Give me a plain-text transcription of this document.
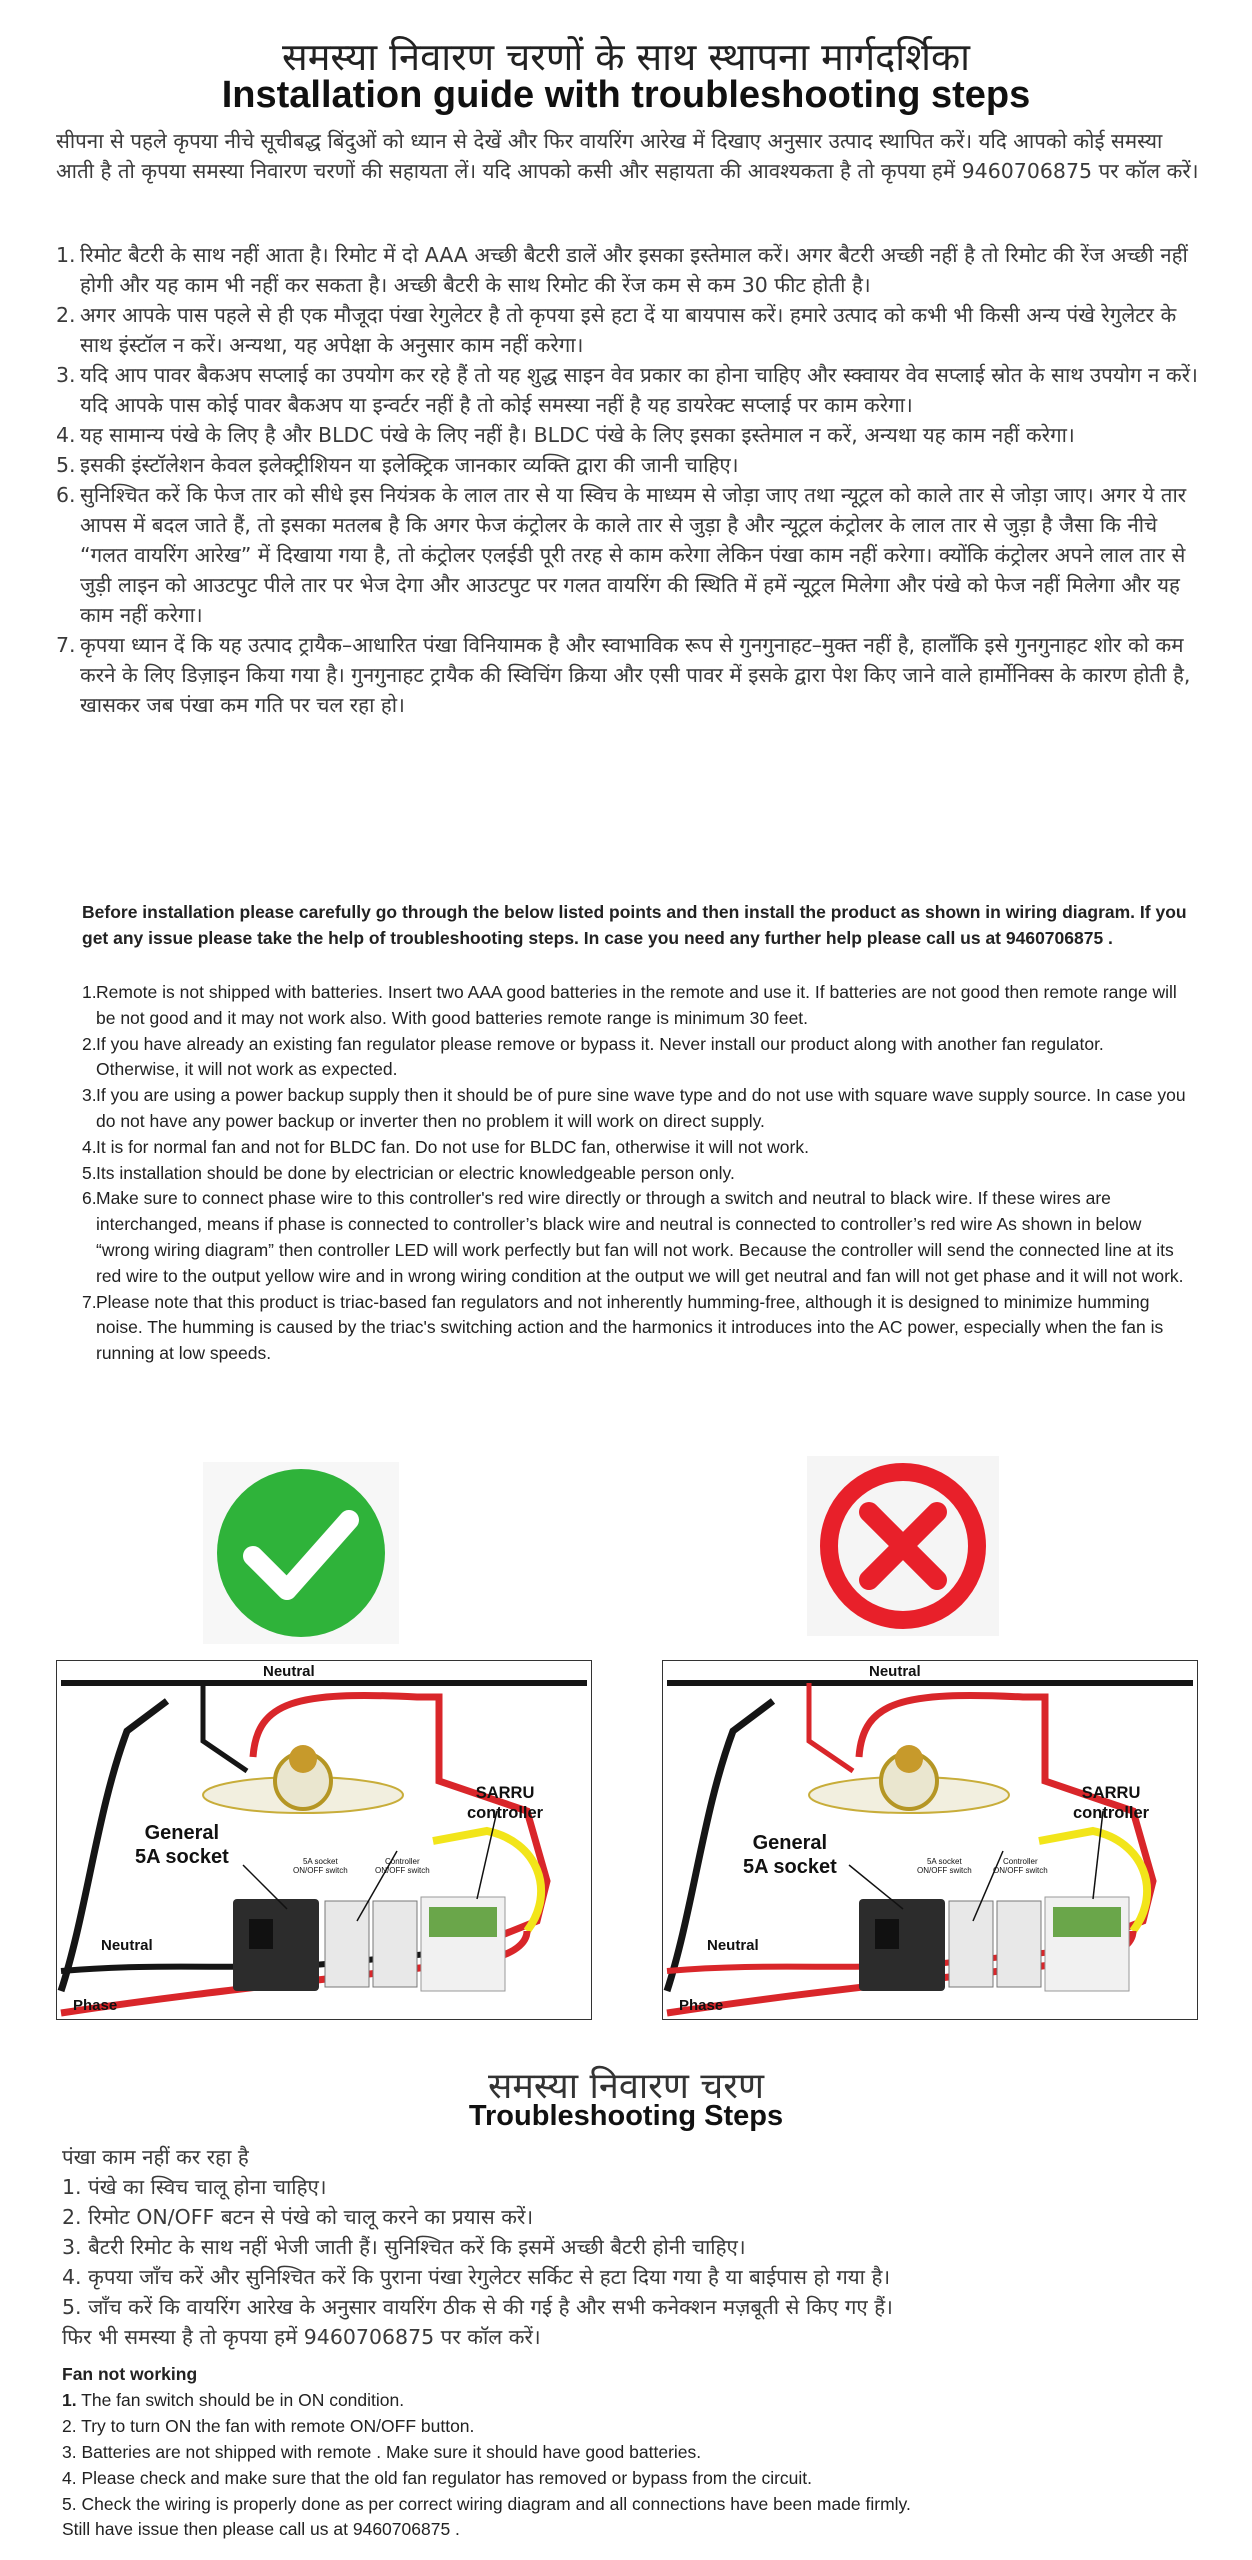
समस्या निवारण चरणों के साथ स्थापना मार्गदर्शिका
Installation guide with troubleshooting steps
सीपना से पहले कृपया नीचे सूचीबद्ध बिंदुओं को ध्यान से देखें और फिर वायरिंग आरेख में दिखाए अनुसार उत्पाद स्थापित करें। यदि आपको कोई समस्या आती है तो कृपया समस्या निवारण चरणों की सहायता लें। यदि आपको कसी और सहायता की आवश्यकता है तो कृपया हमें 9460706875 पर कॉल करें।
1. रिमोट बैटरी के साथ नहीं आता है। रिमोट में दो AAA अच्छी बैटरी डालें और इसका इस्तेमाल करें। अगर बैटरी अच्छी नहीं है तो रिमोट की रेंज अच्छी नहीं होगी और यह काम भी नहीं कर सकता है। अच्छी बैटरी के साथ रिमोट की रेंज कम से कम 30 फीट होती है।
2. अगर आपके पास पहले से ही एक मौजूदा पंखा रेगुलेटर है तो कृपया इसे हटा दें या बायपास करें। हमारे उत्पाद को कभी भी किसी अन्य पंखे रेगुलेटर के साथ इंस्टॉल न करें। अन्यथा, यह अपेक्षा के अनुसार काम नहीं करेगा।
3. यदि आप पावर बैकअप सप्लाई का उपयोग कर रहे हैं तो यह शुद्ध साइन वेव प्रकार का होना चाहिए और स्क्वायर वेव सप्लाई स्रोत के साथ उपयोग न करें। यदि आपके पास कोई पावर बैकअप या इन्वर्टर नहीं है तो कोई समस्या नहीं है यह डायरेक्ट सप्लाई पर काम करेगा।
4. यह सामान्य पंखे के लिए है और BLDC पंखे के लिए नहीं है। BLDC पंखे के लिए इसका इस्तेमाल न करें, अन्यथा यह काम नहीं करेगा।
5. इसकी इंस्टॉलेशन केवल इलेक्ट्रीशियन या इलेक्ट्रिक जानकार व्यक्ति द्वारा की जानी चाहिए।
6. सुनिश्चित करें कि फेज तार को सीधे इस नियंत्रक के लाल तार से या स्विच के माध्यम से जोड़ा जाए तथा न्यूट्रल को काले तार से जोड़ा जाए। अगर ये तार आपस में बदल जाते हैं, तो इसका मतलब है कि अगर फेज कंट्रोलर के काले तार से जुड़ा है और न्यूट्रल कंट्रोलर के लाल तार से जुड़ा है जैसा कि नीचे “गलत वायरिंग आरेख” में दिखाया गया है, तो कंट्रोलर एलईडी पूरी तरह से काम करेगा लेकिन पंखा काम नहीं करेगा। क्योंकि कंट्रोलर अपने लाल तार से जुड़ी लाइन को आउटपुट पीले तार पर भेज देगा और आउटपुट पर गलत वायरिंग की स्थिति में हमें न्यूट्रल मिलेगा और पंखे को फेज नहीं मिलेगा और यह काम नहीं करेगा।
7. कृपया ध्यान दें कि यह उत्पाद ट्रायैक–आधारित पंखा विनियामक है और स्वाभाविक रूप से गुनगुनाहट–मुक्त नहीं है, हालाँकि इसे गुनगुनाहट शोर को कम करने के लिए डिज़ाइन किया गया है। गुनगुनाहट ट्रायैक की स्विचिंग क्रिया और एसी पावर में इसके द्वारा पेश किए जाने वाले हार्मोनिक्स के कारण होती है, खासकर जब पंखा कम गति पर चल रहा हो।
Before installation please carefully go through the below listed points and then install the product as shown in wiring diagram. If you get any issue please take the help of troubleshooting steps. In case you need any further help please call us at 9460706875 .
1. Remote is not shipped with batteries. Insert two AAA good batteries in the remote and use it. If batteries are not good then remote range will be not good and it may not work also. With good batteries remote range is minimum 30 feet.
2. If you have already an existing fan regulator please remove or bypass it. Never install our product along with another fan regulator. Otherwise, it will not work as expected.
3. If you are using a power backup supply then it should be of pure sine wave type and do not use with square wave supply source. In case you do not have any power backup or inverter then no problem it will work on direct supply.
4. It is for normal fan and not for BLDC fan. Do not use for BLDC fan, otherwise it will not work.
5. Its installation should be done by electrician or electric knowledgeable person only.
6. Make sure to connect phase wire to this controller's red wire directly or through a switch and neutral to black wire. If these wires are interchanged, means if phase is connected to controller’s black wire and neutral is connected to controller’s red wire As shown in below “wrong wiring diagram” then controller LED will work perfectly but fan will not work. Because the controller will send the connected line at its red wire to the output yellow wire and in wrong wiring condition at the output we will get neutral and fan will not get phase and it will not work.
7. Please note that this product is triac-based fan regulators and not inherently humming-free, although it is designed to minimize humming noise. The humming is caused by the triac's switching action and the harmonics it introduces into the AC power, especially when the fan is running at low speeds.
Neutral
SARRU
controller
General
5A socket	5A socket
ON/OFF switch
Controller
ON/OFF switch
Neutral
Phase
Neutral
SARRU
controller
General
5A socket	5A socket
ON/OFF switch
Controller
ON/OFF switch
Neutral
Phase
समस्या निवारण चरण
Troubleshooting Steps
पंखा काम नहीं कर रहा है
1. पंखे का स्विच चालू होना चाहिए।
2. रिमोट ON/OFF बटन से पंखे को चालू करने का प्रयास करें।
3. बैटरी रिमोट के साथ नहीं भेजी जाती हैं। सुनिश्चित करें कि इसमें अच्छी बैटरी होनी चाहिए।
4. कृपया जाँच करें और सुनिश्चित करें कि पुराना पंखा रेगुलेटर सर्किट से हटा दिया गया है या बाईपास हो गया है।
5. जाँच करें कि वायरिंग आरेख के अनुसार वायरिंग ठीक से की गई है और सभी कनेक्शन मज़बूती से किए गए हैं।
फिर भी समस्या है तो कृपया हमें 9460706875 पर कॉल करें।
Fan not working
1. The fan switch should be in ON condition.
2. Try to turn ON the fan with remote ON/OFF button.
3. Batteries are not shipped with remote . Make sure it should have good batteries.
4. Please check and make sure that the old fan regulator has removed or bypass from the circuit.
5. Check the wiring is properly done as per correct wiring diagram and all connections have been made firmly.
Still have issue then please call us at 9460706875 .
